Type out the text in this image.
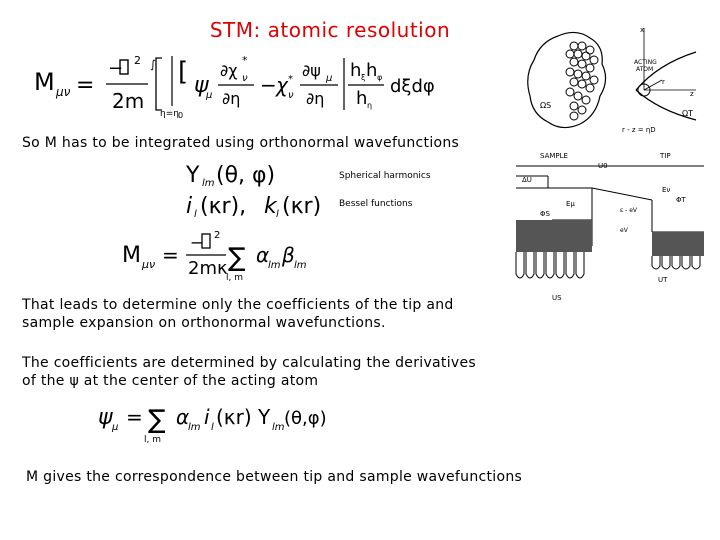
STM: atomic resolution
M μν =
− 2
2m
∫
η=η 0
[ ψ
μ
∂χ
*
ν
∂η
− χ *
ν
∂ψ μ
∂η
h ξ h φ
h η
dξdφ
So M has to be integrated using orthonormal wavefunctions
Y lm (θ, φ)	Spherical harmonics
i l (κr), k l (κr) Bessel functions
M μν =
− 2
2mκ ∑
l, m
α
lm β lm
That leads to determine only the coefficients of the tip and
sample expansion on orthonormal wavefunctions.
The coefficients are determined by calculating the derivatives
of the ψ at the center of the acting atom
ψ μ = ∑
l, m
α
lm i l (κr) Y lm (θ,φ)
M gives the correspondence between tip and sample wavefunctions
ΩS
x
ACTING
ATOM
r
z
ΩT
r - z = ηD
SAMPLE	TIP
U0
ΔU
Eμ
Eν
ΦT
ε - eV
eV
ΦS
UT
US
